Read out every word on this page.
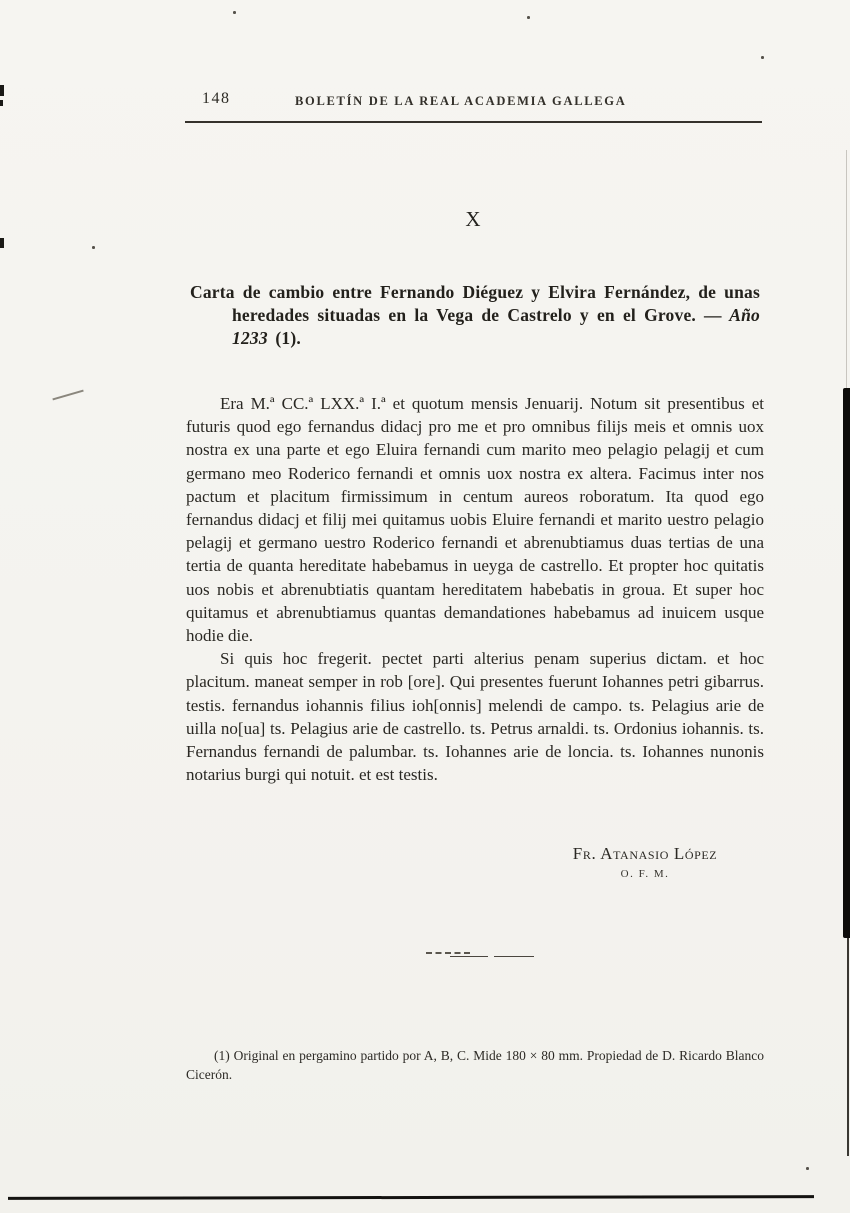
148	BOLETÍN DE LA REAL ACADEMIA GALLEGA
X
Carta de cambio entre Fernando Diéguez y Elvira Fernández, de unas heredades situadas en la Vega de Castrelo y en el Grove. — Año 1233 (1).

Era M.ª CC.ª LXX.ª I.ª et quotum mensis Jenuarij. Notum sit presentibus et futuris quod ego fernandus didacj pro me et pro omnibus filijs meis et omnis uox nostra ex una parte et ego Eluira fernandi cum marito meo pelagio pelagij et cum germano meo Roderico fernandi et omnis uox nostra ex altera. Facimus inter nos pactum et placitum firmissimum in centum aureos roboratum. Ita quod ego fernandus didacj et filij mei quitamus uobis Eluire fernandi et marito uestro pelagio pelagij et germano uestro Roderico fernandi et abrenubtiamus duas tertias de una tertia de quanta hereditate habebamus in ueyga de castrello. Et propter hoc quitatis uos nobis et abrenubtiatis quantam hereditatem habebatis in groua. Et super hoc quitamus et abrenubtiamus quantas demandationes habebamus ad inuicem usque hodie die.

Si quis hoc fregerit. pectet parti alterius penam superius dictam. et hoc placitum. maneat semper in rob [ore]. Qui presentes fuerunt Iohannes petri gibarrus. testis. fernandus iohannis filius ioh[onnis] melendi de campo. ts. Pelagius arie de uilla no[ua] ts. Pelagius arie de castrello. ts. Petrus arnaldi. ts. Ordonius iohannis. ts. Fernandus fernandi de palumbar. ts. Iohannes arie de loncia. ts. Iohannes nunonis notarius burgi qui notuit. et est testis.

Fr. Atanasio López
O. F. M.
(1) Original en pergamino partido por A, B, C. Mide 180 × 80 mm. Propiedad de D. Ricardo Blanco Cicerón.
